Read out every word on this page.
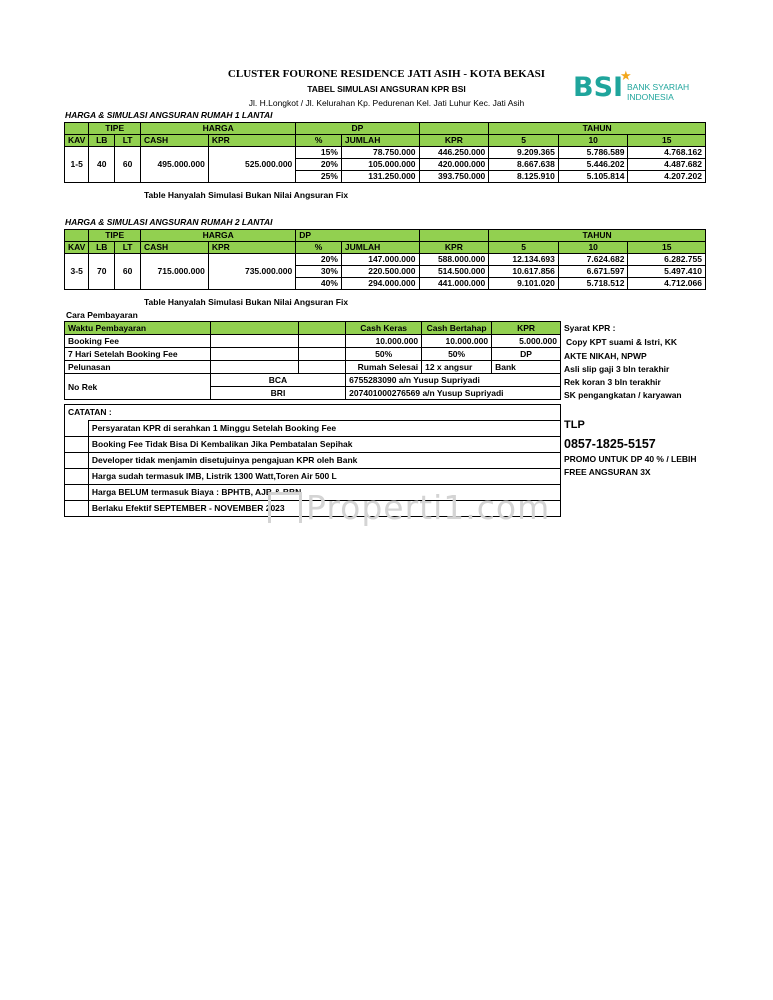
CLUSTER FOURONE RESIDENCE JATI ASIH - KOTA BEKASI
TABEL SIMULASI ANGSURAN KPR BSI
Jl. H.Longkot / Jl. Kelurahan Kp. Pedurenan Kel. Jati Luhur Kec. Jati Asih	BSI
★
BANK SYARIAH
INDONESIA
HARGA & SIMULASI ANGSURAN RUMAH 1 LANTAI
	TIPE		HARGA		DP			TAHUN		
KAV	LB	LT	CASH	KPR	%	JUMLAH	KPR	5	10	15
1-5	40	60	495.000.000	525.000.000	15%	78.750.000	446.250.000	9.209.365	5.786.589	4.768.162
					20%	105.000.000	420.000.000	8.667.638	5.446.202	4.487.682
					25%	131.250.000	393.750.000	8.125.910	5.105.814	4.207.202
Table Hanyalah Simulasi Bukan Nilai Angsuran Fix
HARGA & SIMULASI ANGSURAN RUMAH 2 LANTAI
	TIPE		HARGA		DP			TAHUN		
KAV	LB	LT	CASH	KPR	%	JUMLAH	KPR	5	10	15
3-5	70	60	715.000.000	735.000.000	20%	147.000.000	588.000.000	12.134.693	7.624.682	6.282.755
					30%	220.500.000	514.500.000	10.617.856	6.671.597	5.497.410
					40%	294.000.000	441.000.000	9.101.020	5.718.512	4.712.066
Table Hanyalah Simulasi Bukan Nilai Angsuran Fix
Cara Pembayaran
Waktu Pembayaran			Cash Keras	Cash Bertahap	KPR
Booking Fee			10.000.000	10.000.000	5.000.000
7 Hari Setelah Booking Fee			50%	50%	DP
Pelunasan			Rumah Selesai	12 x angsur	Bank
No Rek	BCA		6755283090 a/n Yusup Supriyadi		
	BRI		207401000276569 a/n Yusup Supriyadi		
Syarat KPR :
Copy KPT suami & Istri, KK
AKTE NIKAH, NPWP
Asli slip gaji 3 bln terakhir
Rek koran 3 bln terakhir
SK pengangkatan / karyawan
CATATAN :	
	Persyaratan KPR di serahkan 1 Minggu Setelah Booking Fee
	Booking Fee Tidak Bisa Di Kembalikan Jika Pembatalan Sepihak
	Developer tidak menjamin disetujuinya pengajuan KPR oleh Bank
	Harga sudah termasuk IMB, Listrik 1300 Watt,Toren Air 500 L
	Harga BELUM termasuk Biaya : BPHTB, AJB & BBN
	Berlaku Efektif SEPTEMBER - NOVEMBER 2023
TLP
0857-1825-5157
PROMO UNTUK DP 40 % / LEBIH
FREE ANGSURAN 3X
Properti1.com
